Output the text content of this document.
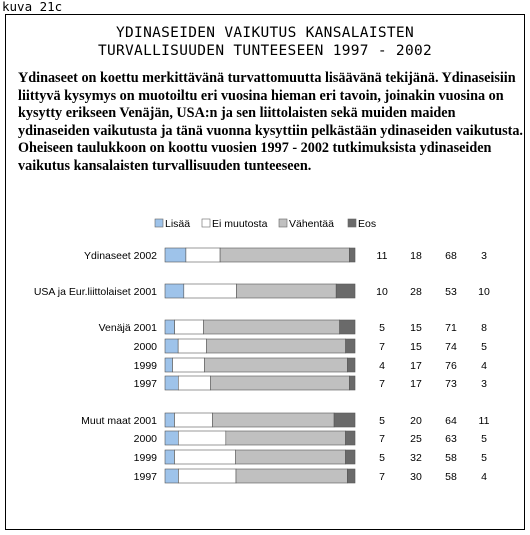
kuva 21c
YDINASEIDEN VAIKUTUS KANSALAISTEN
TURVALLISUUDEN TUNTEESEEN 1997 - 2002
Ydinaseet on koettu merkittävänä turvattomuutta lisäävänä tekijänä. Ydinaseisiin liittyvä kysymys on muotoiltu eri vuosina hieman eri tavoin, joinakin vuosina on kysytty erikseen Venäjän, USA:n ja sen liittolaisten sekä muiden maiden ydinaseiden vaikutusta ja tänä vuonna kysyttiin pelkästään ydinaseiden vaikutusta. Oheiseen taulukkoon on koottu vuosien 1997 - 2002 tutkimuksista ydinaseiden vaikutus kansalaisten turvallisuuden tunteeseen.
Lisää Ei muutosta Vähentää Eos
Ydinaseet 2002
USA ja Eur.liittolaiset 2001
Venäjä 2001
2000
1999
1997
Muut maat 2001
2000
1999
1997
11 18 68 3
10 28 53 10
5 15 71 8
7 15 74 5
4 17 76 4
7 17 73 3
5 20 64 11
7 25 63 5
5 32 58 5
7 30 58 4
